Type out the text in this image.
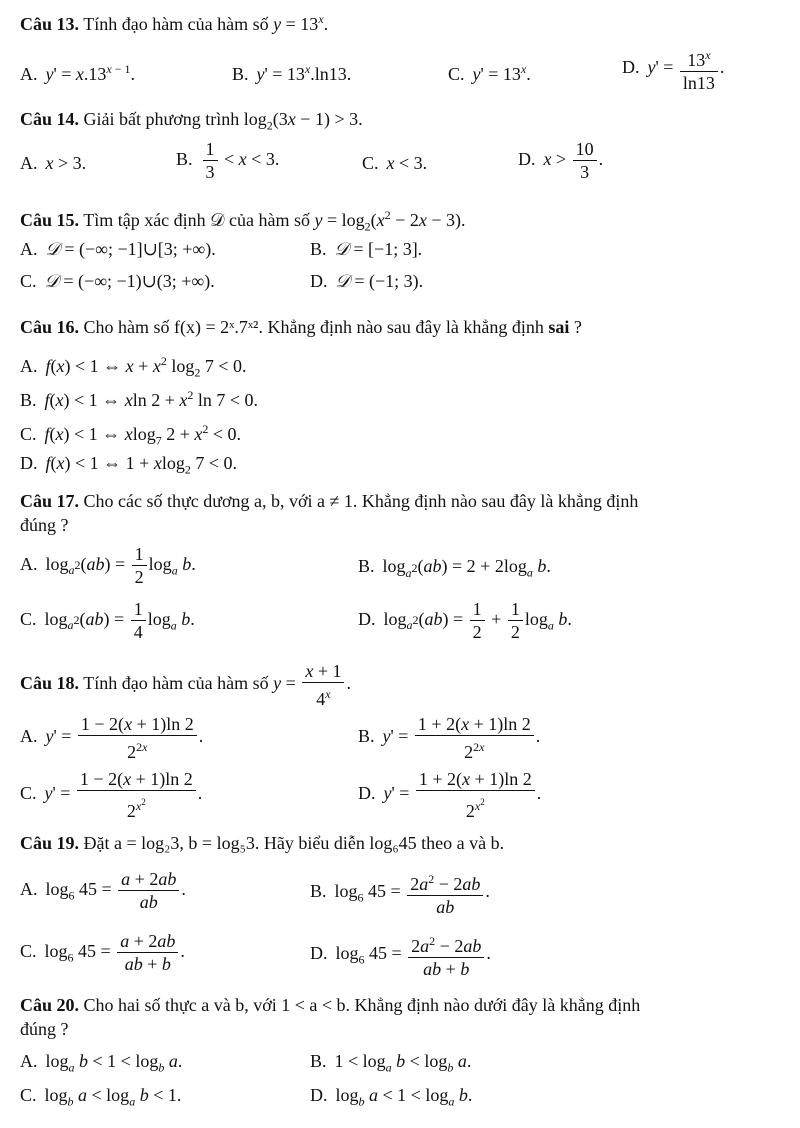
Câu 13. Tính đạo hàm của hàm số $y = 13^x$.
A. $y' = x.13^{x - 1}$.	B. $y' = 13^x.\ln 13$.	C. $y' = 13^x$.	D. $y' = \frac{13^x}{\ln 13}$ .
Câu 14. Giải bất phương trình $\log_2(3x - 1) > 3$.
A. x > 3.	B. $\frac{1}{3} < x < 3$.	C. x < 3.	D. $x > \frac{10}{3}$ .
Câu 15. Tìm tập xác định 𝒟 của hàm số $y = \log_2(x^2 - 2x - 3)$.
A. 𝒟 = (−∞; −1]∪[3; +∞).	B. 𝒟 = [−1; 3].
C. 𝒟 = (−∞; −1)∪(3; +∞).	D. 𝒟 = (−1; 3).
Câu 16. Cho hàm số f(x) = 2ˣ.7ˣ². Khẳng định nào sau đây là khẳng định sai ?
A. f(x) < 1 ⇔ $x + x^2$ $\log_2 7 < 0$.
B. f(x) < 1 ⇔ xln $2 + x^2$ ln 7 < 0.
C. f(x) < 1 ⇔ xlog$_7$ $2 + x^2 < 0$.
D. f(x) < 1 ⇔ 1 + xlog$_2$ 7 < 0.
Câu 17. Cho các số thực dương a, b, với a ≠ 1. Khẳng định nào sau đây là khẳng định
đúng ?
A. $\log_{a^2}(ab) = \frac{1}{2} \log_a b$.	B. $\log_{a^2}(ab) = 2 + 2\log_a$ b.
C. $\log_{a^2}(ab) = \frac{1}{4} \log_a b$.	D. $\log_{a^2}(ab) = \frac{1}{2} + \frac{1}{2} \log_a b$.
Câu 18. Tính đạo hàm của hàm số $y = \frac{x + 1}{4^x}$ .
A. $y' = \frac{1 - 2(x + 1)\ln 2}{2^{2x}}$ .	B. $y' = \frac{1 + 2(x + 1)\ln 2}{2^{2x}}$ .
C. $y' = \frac{1 - 2(x + 1)\ln 2}{2^{x^2}}$ .	D. $y' = \frac{1 + 2(x + 1)\ln 2}{2^{x^2}}$ .
Câu 19. Đặt a = log₂3, b = log₅3. Hãy biểu diễn log₆45 theo a và b.
A. $\log_6 45 = \frac{a + 2ab}{ab}$ .	B. $\log_6 45 = \frac{2a^2 - 2ab}{ab}$ .
C. $\log_6 45 = \frac{a + 2ab}{ab + b}$ .	D. $\log_6 45 = \frac{2a^2 - 2ab}{ab + b}$ .
Câu 20. Cho hai số thực a và b, với 1 < a < b. Khẳng định nào dưới đây là khẳng định
đúng ?
A. $\log_a b < 1 < \log_b a$.	B. $1 < \log_a b < \log_b a$.
C. $\log_b a < \log_a b < 1$.	D. $\log_b a < 1 < \log_a b$.
